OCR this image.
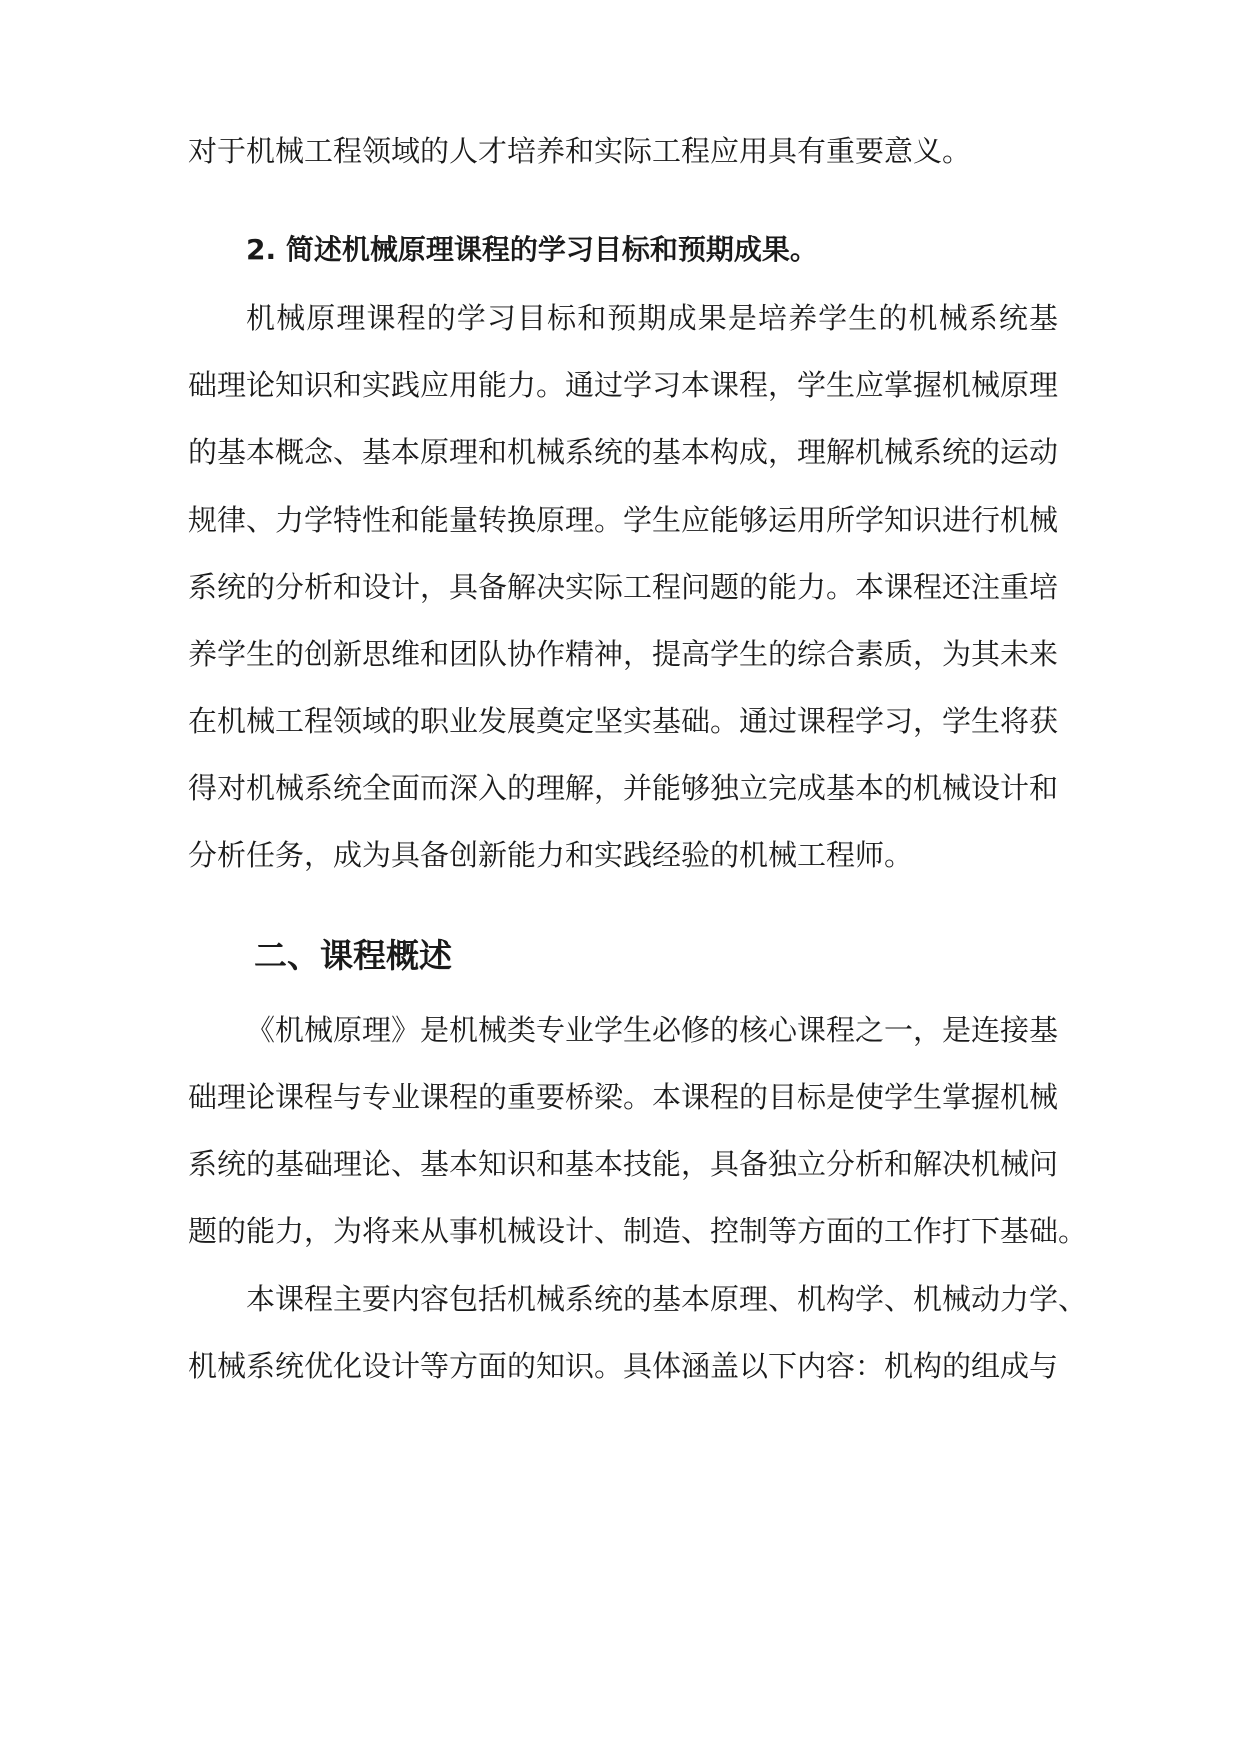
对于机械工程领域的人才培养和实际工程应用具有重要意义。
2. 简述机械原理课程的学习目标和预期成果。
机械原理课程的学习目标和预期成果是培养学生的机械系统基
础理论知识和实践应用能力。通过学习本课程，学生应掌握机械原理
的基本概念、基本原理和机械系统的基本构成，理解机械系统的运动
规律、力学特性和能量转换原理。学生应能够运用所学知识进行机械
系统的分析和设计，具备解决实际工程问题的能力。本课程还注重培
养学生的创新思维和团队协作精神，提高学生的综合素质，为其未来
在机械工程领域的职业发展奠定坚实基础。通过课程学习，学生将获
得对机械系统全面而深入的理解，并能够独立完成基本的机械设计和
分析任务，成为具备创新能力和实践经验的机械工程师。
二、课程概述
《机械原理》是机械类专业学生必修的核心课程之一，是连接基
础理论课程与专业课程的重要桥梁。本课程的目标是使学生掌握机械
系统的基础理论、基本知识和基本技能，具备独立分析和解决机械问
题的能力，为将来从事机械设计、制造、控制等方面的工作打下基础。
本课程主要内容包括机械系统的基本原理、机构学、机械动力学、
机械系统优化设计等方面的知识。具体涵盖以下内容：机构的组成与
